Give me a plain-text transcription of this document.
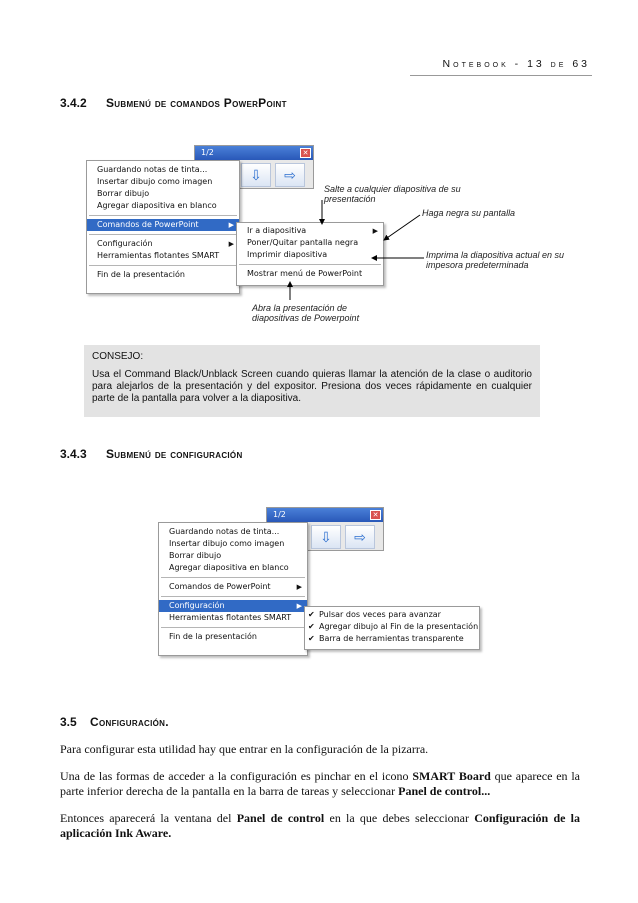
Notebook - 13 de 63
3.4.2 Submenú de comandos PowerPoint
1/2	✕
⇩	⇨
Guardando notas de tinta...
Insertar dibujo como imagen
Borrar dibujo
Agregar diapositiva en blanco
Comandos de PowerPoint	▶
Configuración	▶
Herramientas flotantes SMART
Fin de la presentación
Ir a diapositiva	▶
Poner/Quitar pantalla negra
Imprimir diapositiva
Mostrar menú de PowerPoint
Salte a cualquier diapositiva de su presentación
Haga negra su pantalla
Imprima la diapositiva actual en su impesora predeterminada
Abra la presentación de diapositivas de Powerpoint
CONSEJO:
Usa el Command Black/Unblack Screen cuando quieras llamar la atención de la clase o auditorio para alejarlos de la presentación y del expositor. Presiona dos veces rápidamente en cualquier parte de la pantalla para volver a la diapositiva.
3.4.3 Submenú de configuración
1/2	✕
⇩	⇨
Guardando notas de tinta...
Insertar dibujo como imagen
Borrar dibujo
Agregar diapositiva en blanco
Comandos de PowerPoint	▶
Configuración	▶
Herramientas flotantes SMART
Fin de la presentación
✔ Pulsar dos veces para avanzar
✔ Agregar dibujo al Fin de la presentación
✔ Barra de herramientas transparente
3.5 Configuración.
Para configurar esta utilidad hay que entrar en la configuración de la pizarra.
Una de las formas de acceder a la configuración es pinchar en el icono SMART Board que aparece en la parte inferior derecha de la pantalla en la barra de tareas y seleccionar Panel de control...
Entonces aparecerá la ventana del Panel de control en la que debes seleccionar Configuración de la aplicación Ink Aware.
